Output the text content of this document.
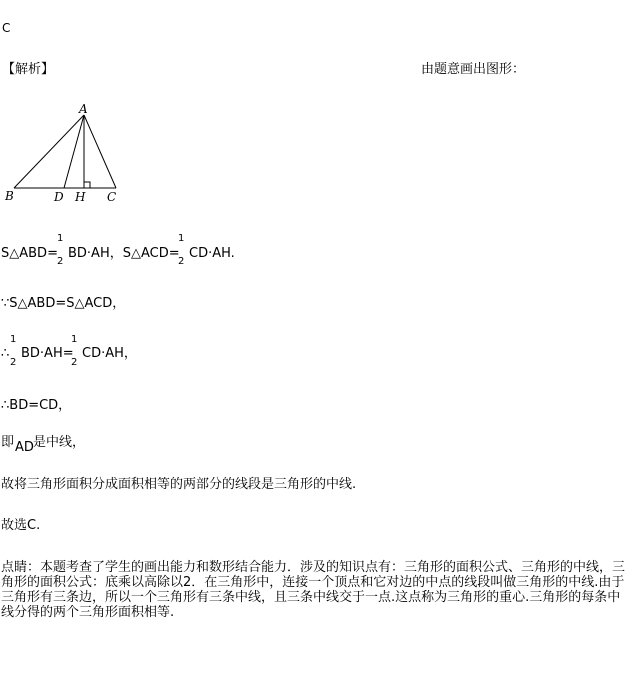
C
【解析】	由题意画出图形：
A
B	D H C
S△ABD=
1
2
BD·AH，S△ACD=
1
2
CD·AH.
∵S△ABD=S△ACD，
∴
1
2
BD·AH=
1
2
CD·AH，
∴BD=CD，
即 AD 是中线，
故将三角形面积分成面积相等的两部分的线段是三角形的中线.
故选C.
点睛：本题考查了学生的画出能力和数形结合能力．涉及的知识点有：三角形的面积公式、三角形的中线，三角形的面积公式：底乘以高除以2．在三角形中，连接一个顶点和它对边的中点的线段叫做三角形的中线.由于三角形有三条边，所以一个三角形有三条中线，且三条中线交于一点.这点称为三角形的重心.三角形的每条中线分得的两个三角形面积相等.
